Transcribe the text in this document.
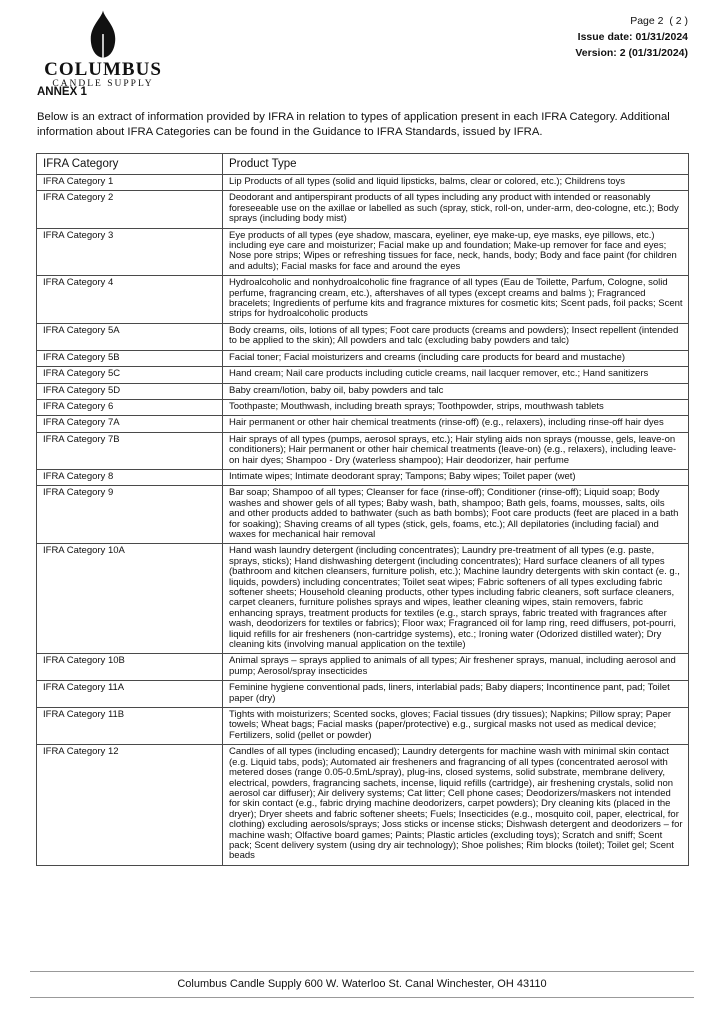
COLUMBUS
CANDLE SUPPLY
Page 2  ( 2 )
Issue date: 01/31/2024
Version: 2 (01/31/2024)
ANNEX 1

Below is an extract of information provided by IFRA in relation to types of application present in each IFRA Category. Additional information about IFRA Categories can be found in the Guidance to IFRA Standards, issued by IFRA.

IFRA Category	Product Type
IFRA Category 1	Lip Products of all types (solid and liquid lipsticks, balms, clear or colored, etc.); Childrens toys
IFRA Category 2	Deodorant and antiperspirant products of all types including any product with intended or reasonably foreseeable use on the axillae or labelled as such (spray, stick, roll-on, under-arm, deo-cologne, etc.); Body sprays (including body mist)
IFRA Category 3	Eye products of all types (eye shadow, mascara, eyeliner, eye make-up, eye masks, eye pillows, etc.) including eye care and moisturizer; Facial make up and foundation; Make-up remover for face and eyes; Nose pore strips; Wipes or refreshing tissues for face, neck, hands, body; Body and face paint (for children and adults); Facial masks for face and around the eyes
IFRA Category 4	Hydroalcoholic and nonhydroalcoholic fine fragrance of all types (Eau de Toilette, Parfum, Cologne, solid perfume, fragrancing cream, etc.), aftershaves of all types (except creams and balms ); Fragranced bracelets; Ingredients of perfume kits and fragrance mixtures for cosmetic kits; Scent pads, foil packs; Scent strips for hydroalcoholic products
IFRA Category 5A	Body creams, oils, lotions of all types; Foot care products (creams and powders); Insect repellent (intended to be applied to the skin); All powders and talc (excluding baby powders and talc)
IFRA Category 5B	Facial toner; Facial moisturizers and creams (including care products for beard and mustache)
IFRA Category 5C	Hand cream; Nail care products including cuticle creams, nail lacquer remover, etc.; Hand sanitizers
IFRA Category 5D	Baby cream/lotion, baby oil, baby powders and talc
IFRA Category 6	Toothpaste; Mouthwash, including breath sprays; Toothpowder, strips, mouthwash tablets
IFRA Category 7A	Hair permanent or other hair chemical treatments (rinse-off) (e.g., relaxers), including rinse-off hair dyes
IFRA Category 7B	Hair sprays of all types (pumps, aerosol sprays, etc.); Hair styling aids non sprays (mousse, gels, leave-on conditioners); Hair permanent or other hair chemical treatments (leave-on) (e.g., relaxers), including leave-on hair dyes; Shampoo - Dry (waterless shampoo); Hair deodorizer, hair perfume
IFRA Category 8	Intimate wipes; Intimate deodorant spray; Tampons; Baby wipes; Toilet paper (wet)
IFRA Category 9	Bar soap; Shampoo of all types; Cleanser for face (rinse-off); Conditioner (rinse-off); Liquid soap; Body washes and shower gels of all types; Baby wash, bath, shampoo; Bath gels, foams, mousses, salts, oils and other products added to bathwater (such as bath bombs); Foot care products (feet are placed in a bath for soaking); Shaving creams of all types (stick, gels, foams, etc.); All depilatories (including facial) and waxes for mechanical hair removal
IFRA Category 10A	Hand wash laundry detergent (including concentrates); Laundry pre-treatment of all types (e.g. paste, sprays, sticks); Hand dishwashing detergent (including concentrates); Hard surface cleaners of all types (bathroom and kitchen cleansers, furniture polish, etc.); Machine laundry detergents with skin contact (e. g., liquids, powders) including concentrates; Toilet seat wipes; Fabric softeners of all types excluding fabric softener sheets; Household cleaning products, other types including fabric cleaners, soft surface cleaners, carpet cleaners, furniture polishes sprays and wipes, leather cleaning wipes, stain removers, fabric enhancing sprays, treatment products for textiles (e.g., starch sprays, fabric treated with fragrances after wash, deodorizers for textiles or fabrics); Floor wax; Fragranced oil for lamp ring, reed diffusers, pot-pourri, liquid refills for air fresheners (non-cartridge systems), etc.; Ironing water (Odorized distilled water); Dry cleaning kits (involving manual application on the textile)
IFRA Category 10B	Animal sprays – sprays applied to animals of all types; Air freshener sprays, manual, including aerosol and pump; Aerosol/spray insecticides
IFRA Category 11A	Feminine hygiene conventional pads, liners, interlabial pads; Baby diapers; Incontinence pant, pad; Toilet paper (dry)
IFRA Category 11B	Tights with moisturizers; Scented socks, gloves; Facial tissues (dry tissues); Napkins; Pillow spray; Paper towels; Wheat bags; Facial masks (paper/protective) e.g., surgical masks not used as medical device; Fertilizers, solid (pellet or powder)
IFRA Category 12	Candles of all types (including encased); Laundry detergents for machine wash with minimal skin contact (e.g. Liquid tabs, pods); Automated air fresheners and fragrancing of all types (concentrated aerosol with metered doses (range 0.05-0.5mL/spray), plug-ins, closed systems, solid substrate, membrane delivery, electrical, powders, fragrancing sachets, incense, liquid refills (cartridge), air freshening crystals, solid non aerosol car diffuser); Air delivery systems; Cat litter; Cell phone cases; Deodorizers/maskers not intended for skin contact (e.g., fabric drying machine deodorizers, carpet powders); Dry cleaning kits (placed in the dryer); Dryer sheets and fabric softener sheets; Fuels; Insecticides (e.g., mosquito coil, paper, electrical, for clothing) excluding aerosols/sprays; Joss sticks or incense sticks; Dishwash detergent and deodorizers – for machine wash; Olfactive board games; Paints; Plastic articles (excluding toys); Scratch and sniff; Scent pack; Scent delivery system (using dry air technology); Shoe polishes; Rim blocks (toilet); Toilet gel; Scent beads
Columbus Candle Supply 600 W. Waterloo St. Canal Winchester, OH 43110
